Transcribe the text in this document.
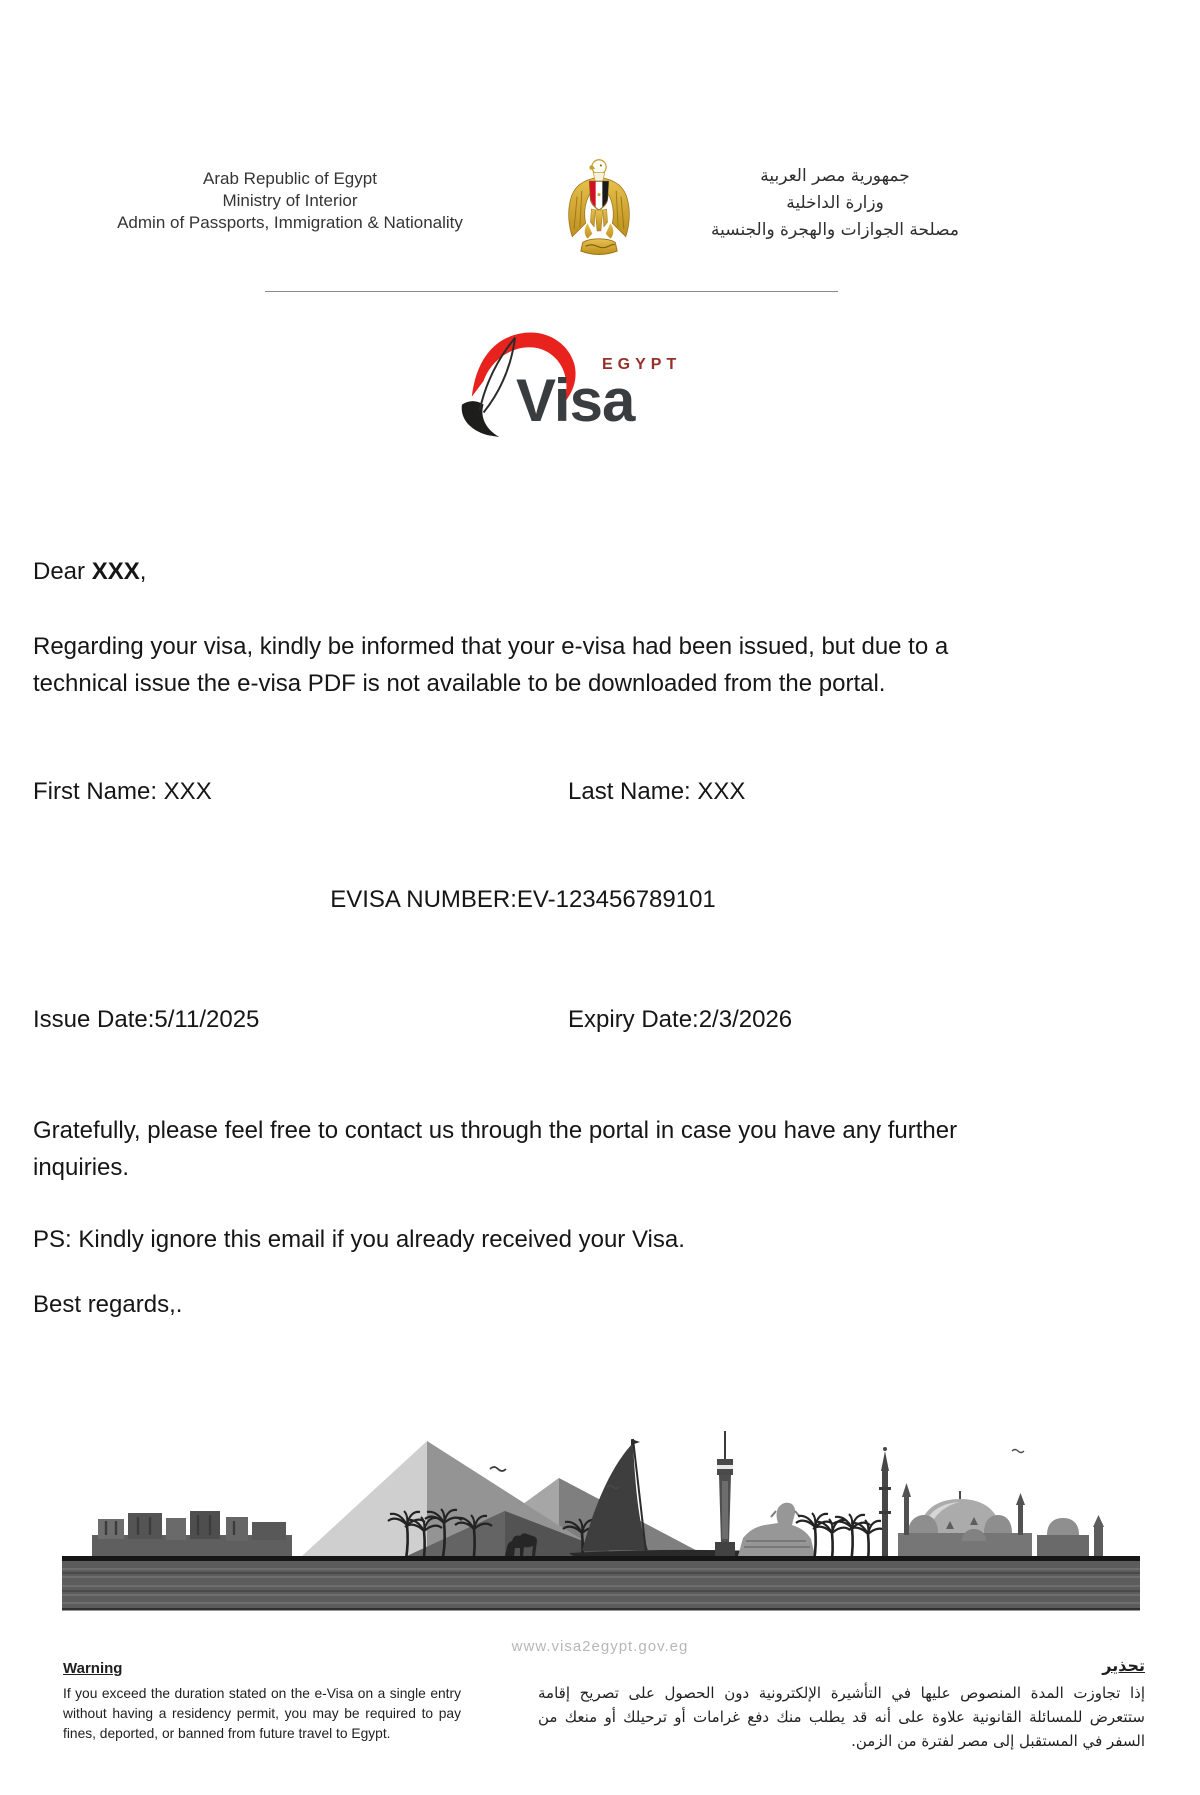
Arab Republic of Egypt
Ministry of Interior
Admin of Passports, Immigration & Nationality
جمهورية مصر العربية
وزارة الداخلية
مصلحة الجوازات والهجرة والجنسية
EGYPT
Visa
Dear XXX,
Regarding your visa, kindly be informed that your e-visa had been issued, but due to a technical issue the e-visa PDF is not available to be downloaded from the portal.
First Name: XXX	Last Name: XXX
EVISA NUMBER:EV-123456789101
Issue Date:5/11/2025	Expiry Date:2/3/2026
Gratefully, please feel free to contact us through the portal in case you have any further inquiries.
PS: Kindly ignore this email if you already received your Visa.
Best regards,.
www.visa2egypt.gov.eg
Warning
If you exceed the duration stated on the e-Visa on a single entry without having a residency permit, you may be required to pay fines, deported, or banned from future travel to Egypt.
تحذير
إذا تجاوزت المدة المنصوص عليها في التأشيرة الإلكترونية دون الحصول على تصريح إقامة ستتعرض للمسائلة القانونية علاوة على أنه قد يطلب منك دفع غرامات أو ترحيلك أو منعك من السفر في المستقبل إلى مصر لفترة من الزمن.
